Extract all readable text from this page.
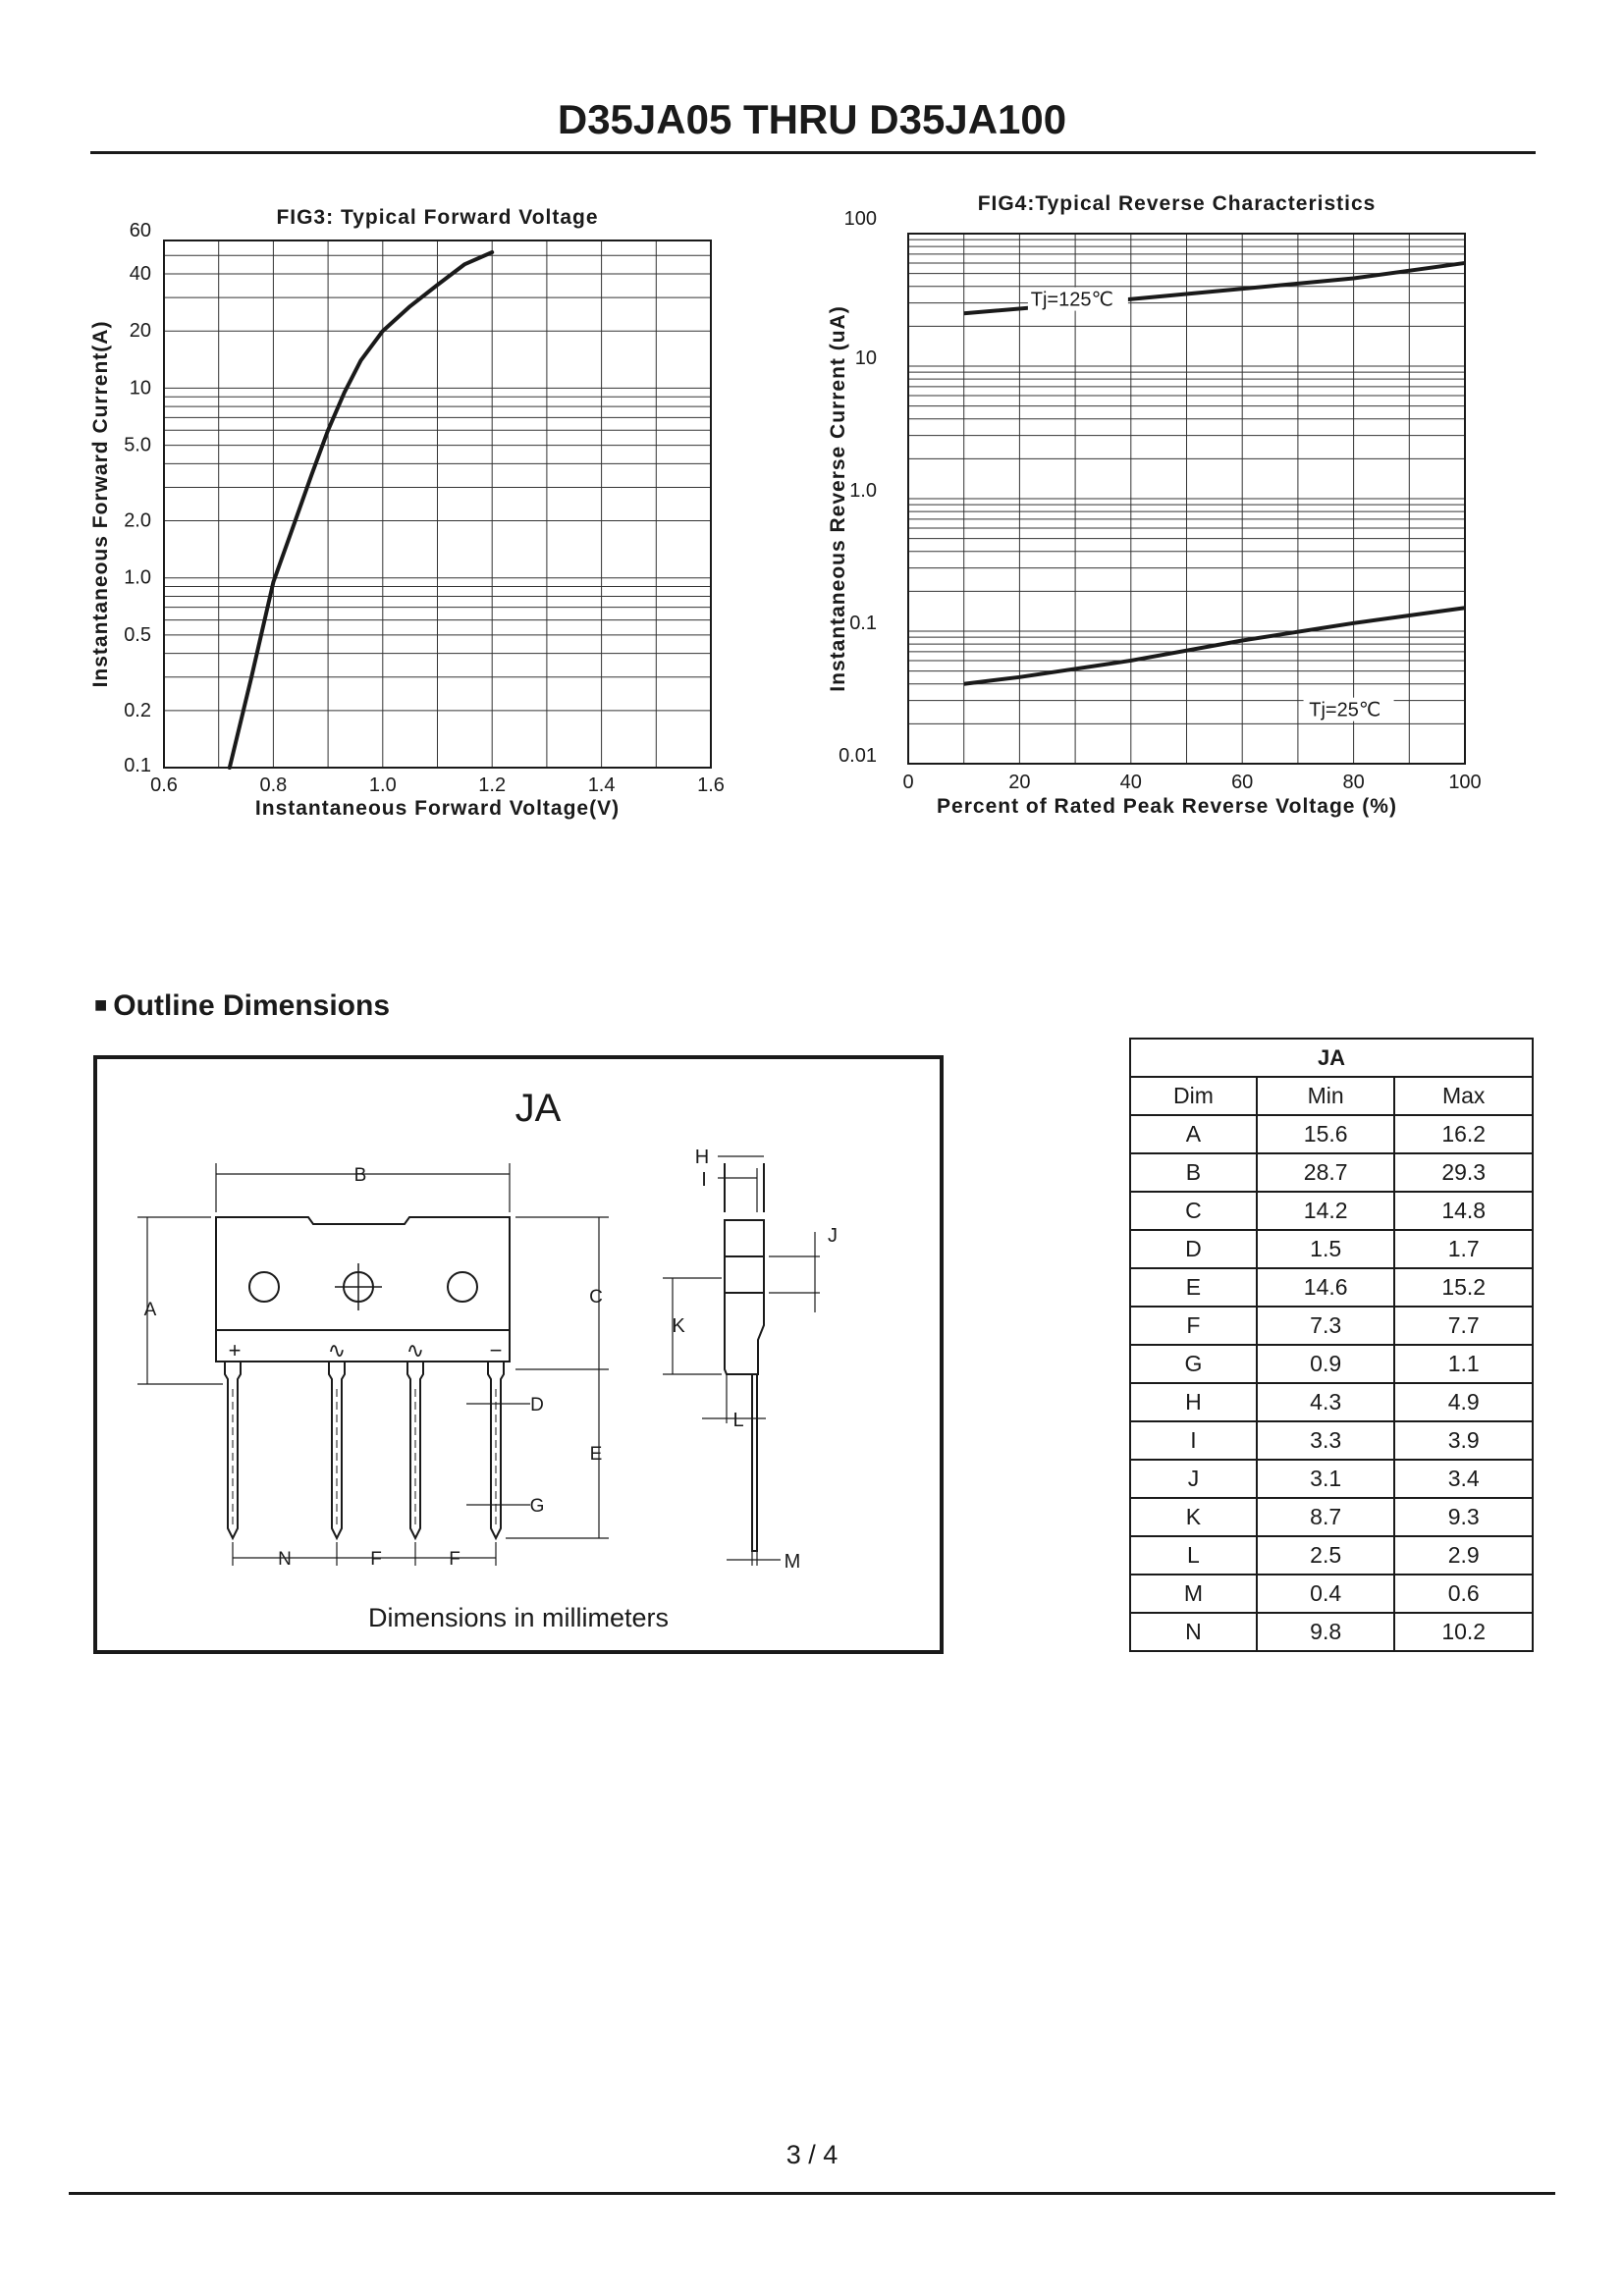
D35JA05 THRU D35JA100
FIG3: Typical Forward Voltage
0.6	0.8	1.0	1.2	1.4	1.6
0.1
0.2
0.5
1.0
2.0
5.0
10
20
40
60
Instantaneous Forward Voltage(V)
Instantaneous Forward Current(A)
FIG4:Typical Reverse Characteristics
0	20	40	60	80	100
0.01
0.1
1.0
10
100
Percent of Rated Peak Reverse Voltage (%)
Instantaneous Reverse Current (uA)
Tj=125℃
Tj=25℃
■ Outline Dimensions
JA
+	∿	∿	−
B
A
C
D
E
G
N	F	F
H
I
J
K
L
M
Dimensions in millimeters
JA		
Dim	Min	Max
A	15.6	16.2
B	28.7	29.3
C	14.2	14.8
D	1.5	1.7
E	14.6	15.2
F	7.3	7.7
G	0.9	1.1
H	4.3	4.9
I	3.3	3.9
J	3.1	3.4
K	8.7	9.3
L	2.5	2.9
M	0.4	0.6
N	9.8	10.2
3 / 4
